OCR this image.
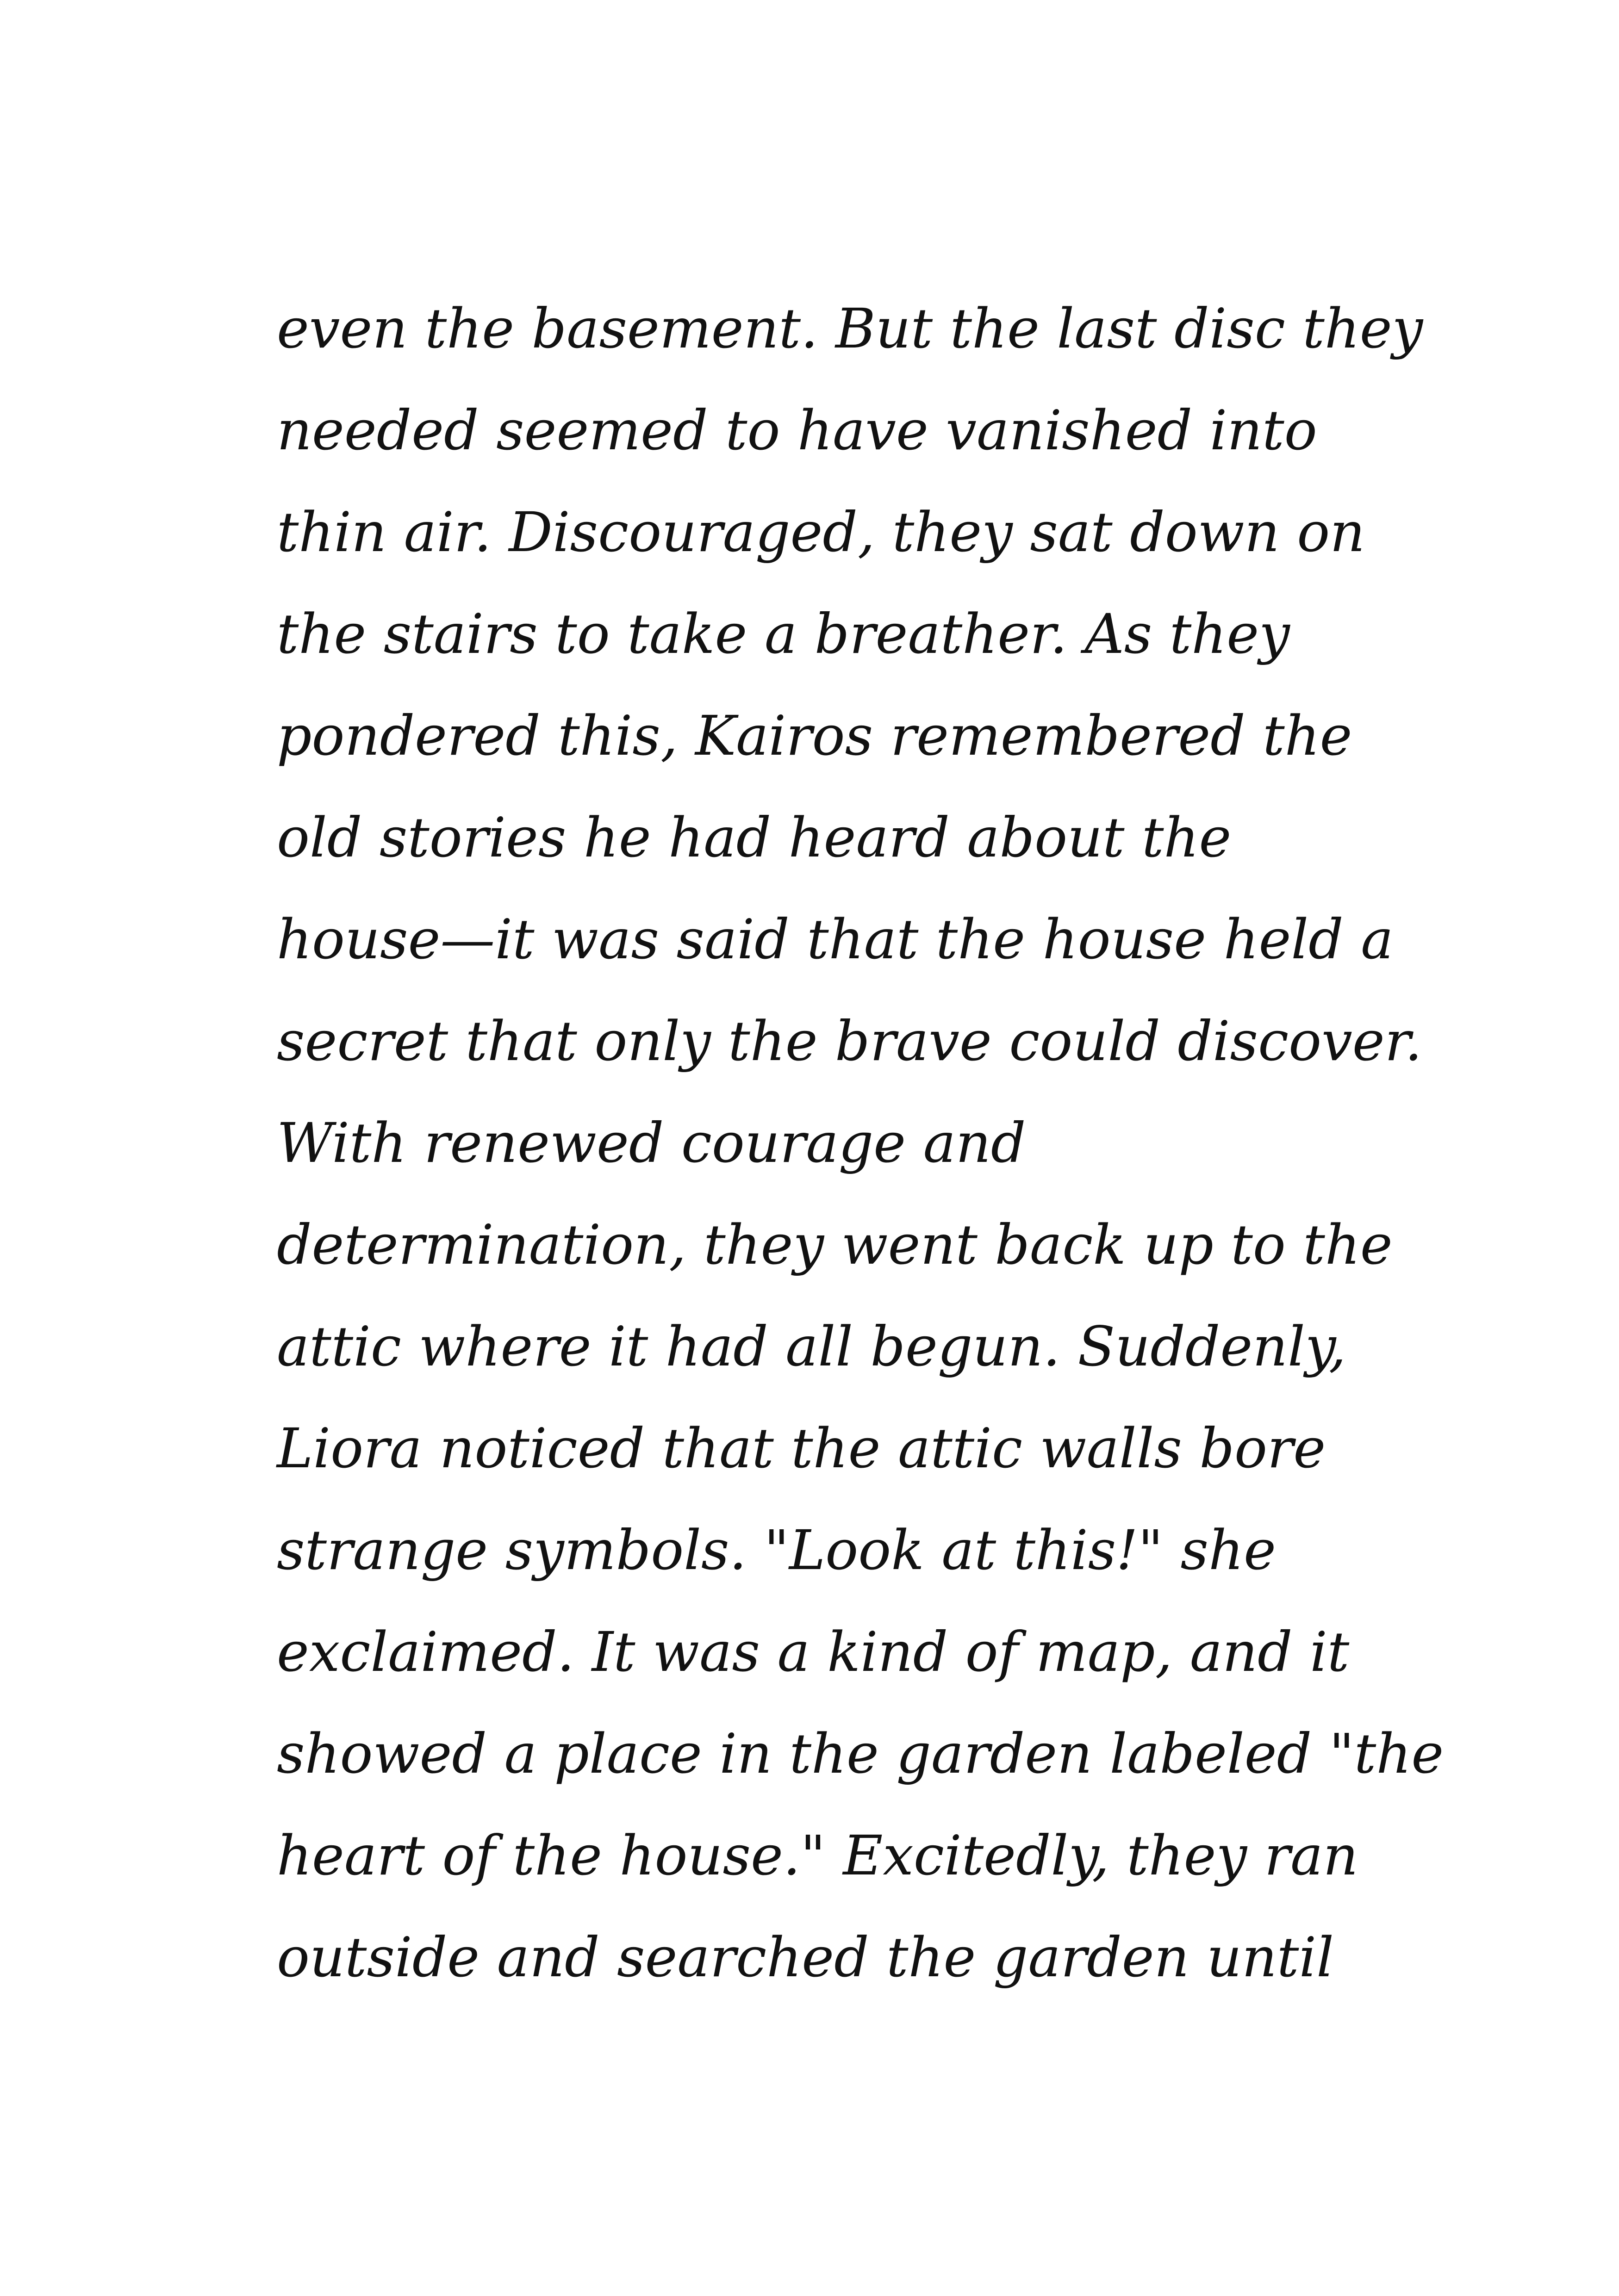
even the basement. But the last disc they
needed seemed to have vanished into
thin air. Discouraged, they sat down on
the stairs to take a breather. As they
pondered this, Kairos remembered the
old stories he had heard about the
house—it was said that the house held a
secret that only the brave could discover.
With renewed courage and
determination, they went back up to the
attic where it had all begun. Suddenly,
Liora noticed that the attic walls bore
strange symbols. "Look at this!" she
exclaimed. It was a kind of map, and it
showed a place in the garden labeled "the
heart of the house." Excitedly, they ran
outside and searched the garden until
